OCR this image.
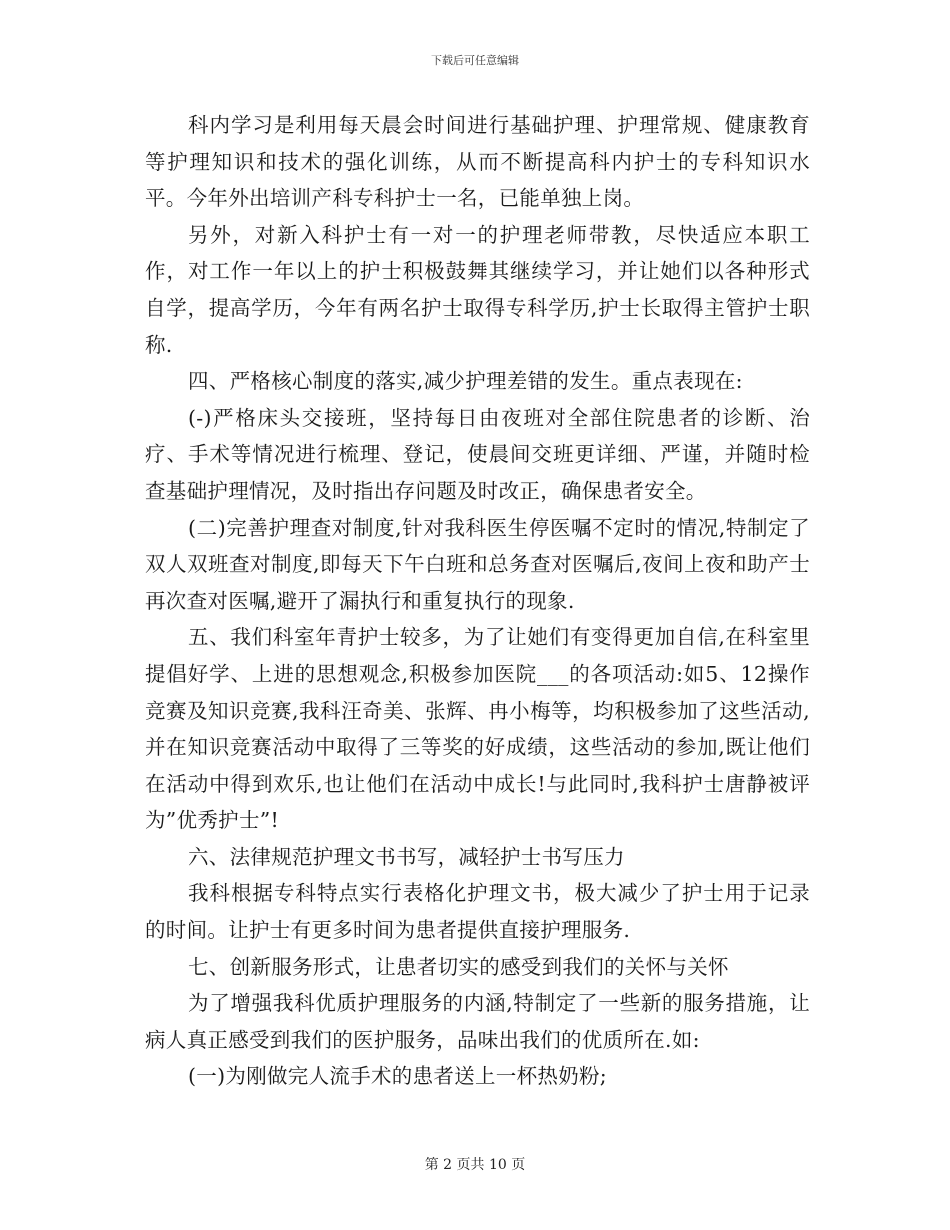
下载后可任意编辑

科内学习是利用每天晨会时间进行基础护理、护理常规、健康教育等护理知识和技术的强化训练，从而不断提高科内护士的专科知识水平。今年外出培训产科专科护士一名，已能单独上岗。

另外，对新入科护士有一对一的护理老师带教，尽快适应本职工作，对工作一年以上的护士积极鼓舞其继续学习，并让她们以各种形式自学，提高学历，今年有两名护士取得专科学历,护士长取得主管护士职称.

四、严格核心制度的落实,减少护理差错的发生。重点表现在:

(-)严格床头交接班，坚持每日由夜班对全部住院患者的诊断、治疗、手术等情况进行梳理、登记，使晨间交班更详细、严谨，并随时检查基础护理情况，及时指出存问题及时改正，确保患者安全。

(二)完善护理查对制度,针对我科医生停医嘱不定时的情况,特制定了双人双班查对制度,即每天下午白班和总务查对医嘱后,夜间上夜和助产士再次查对医嘱,避开了漏执行和重复执行的现象.

五、我们科室年青护士较多，为了让她们有变得更加自信,在科室里提倡好学、上进的思想观念,积极参加医院___的各项活动:如5、12操作竞赛及知识竞赛,我科汪奇美、张辉、冉小梅等，均积极参加了这些活动,并在知识竞赛活动中取得了三等奖的好成绩，这些活动的参加,既让他们在活动中得到欢乐,也让他们在活动中成长!与此同时,我科护士唐静被评为”优秀护士”!

六、法律规范护理文书书写，减轻护士书写压力

我科根据专科特点实行表格化护理文书，极大减少了护士用于记录的时间。让护士有更多时间为患者提供直接护理服务.

七、创新服务形式，让患者切实的感受到我们的关怀与关怀

为了增强我科优质护理服务的内涵,特制定了一些新的服务措施，让病人真正感受到我们的医护服务，品味出我们的优质所在.如:

(一)为刚做完人流手术的患者送上一杯热奶粉;

第 2 页共 10 页
